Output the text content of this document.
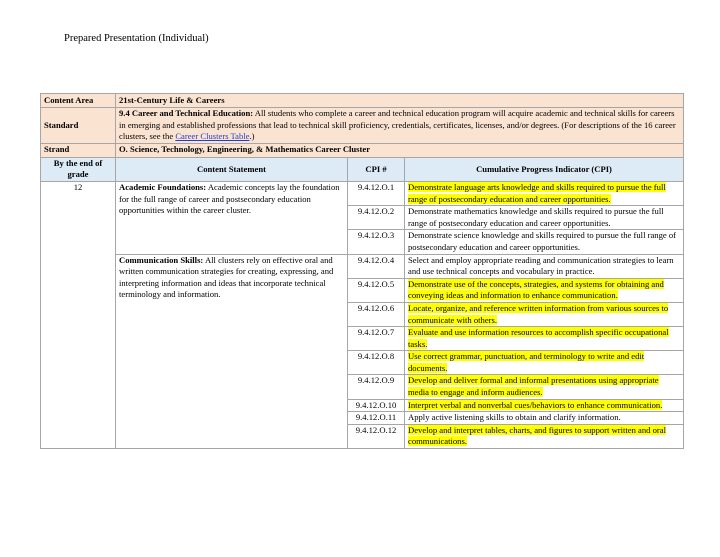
Prepared Presentation (Individual)
Content Area	21st-Century Life & Careers		
Standard	9.4 Career and Technical Education: All students who complete a career and technical education program will acquire academic and technical skills for careers in emerging and established professions that lead to technical skill proficiency, credentials, certificates, licenses, and/or degrees. (For descriptions of the 16 career clusters, see the Career Clusters Table.)		
Strand	O. Science, Technology, Engineering, & Mathematics Career Cluster		
By the end of grade	Content Statement	CPI #	Cumulative Progress Indicator (CPI)
12	Academic Foundations: Academic concepts lay the foundation for the full range of career and postsecondary education opportunities within the career cluster.	9.4.12.O.1	Demonstrate language arts knowledge and skills required to pursue the full range of postsecondary education and career opportunities.
		9.4.12.O.2	Demonstrate mathematics knowledge and skills required to pursue the full range of postsecondary education and career opportunities.
		9.4.12.O.3	Demonstrate science knowledge and skills required to pursue the full range of postsecondary education and career opportunities.
	Communication Skills: All clusters rely on effective oral and written communication strategies for creating, expressing, and interpreting information and ideas that incorporate technical terminology and information.	9.4.12.O.4	Select and employ appropriate reading and communication strategies to learn and use technical concepts and vocabulary in practice.
		9.4.12.O.5	Demonstrate use of the concepts, strategies, and systems for obtaining and conveying ideas and information to enhance communication.
		9.4.12.O.6	Locate, organize, and reference written information from various sources to communicate with others.
		9.4.12.O.7	Evaluate and use information resources to accomplish specific occupational tasks.
		9.4.12.O.8	Use correct grammar, punctuation, and terminology to write and edit documents.
		9.4.12.O.9	Develop and deliver formal and informal presentations using appropriate media to engage and inform audiences.
		9.4.12.O.10	Interpret verbal and nonverbal cues/behaviors to enhance communication.
		9.4.12.O.11	Apply active listening skills to obtain and clarify information.
		9.4.12.O.12	Develop and interpret tables, charts, and figures to support written and oral communications.
